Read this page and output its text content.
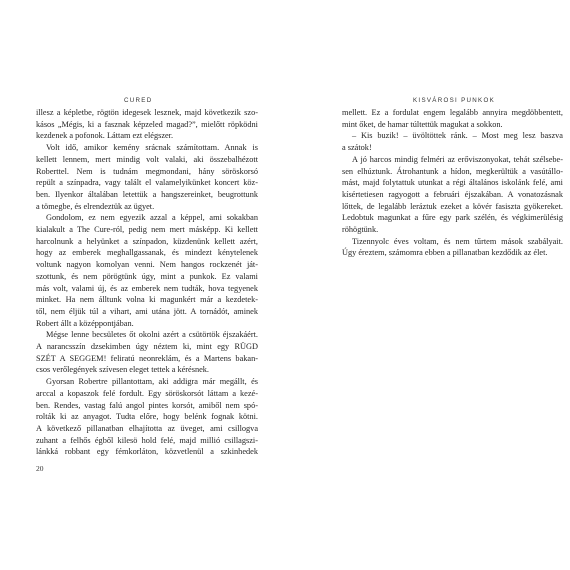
CURED
illesz a képletbe, rögtön idegesek lesznek, majd következik szo-
kásos „Mégis, ki a fasznak képzeled magad?”, mielőtt röpködni
kezdenek a pofonok. Láttam ezt elégszer.
Volt idő, amikor kemény srácnak számítottam. Annak is
kellett lennem, mert mindig volt valaki, aki összebalhézott
Roberttel. Nem is tudnám megmondani, hány söröskorsó
repült a színpadra, vagy talált el valamelyikünket koncert köz-
ben. Ilyenkor általában letettük a hangszereinket, beugrottunk
a tömegbe, és elrendeztük az ügyet.
Gondolom, ez nem egyezik azzal a képpel, ami sokakban
kialakult a The Cure-ról, pedig nem mert másképp. Ki kellett
harcolnunk a helyünket a színpadon, küzdenünk kellett azért,
hogy az emberek meghallgassanak, és mindezt kénytelenek
voltunk nagyon komolyan venni. Nem hangos rockzenét ját-
szottunk, és nem pörögtünk úgy, mint a punkok. Ez valami
más volt, valami új, és az emberek nem tudták, hova tegyenek
minket. Ha nem álltunk volna ki magunkért már a kezdetek-
től, nem éljük túl a vihart, ami utána jött. A tornádót, aminek
Robert állt a középpontjában.
Mégse lenne becsületes őt okolni azért a csütörtök éjszakáért.
A narancsszín dzsekimben úgy néztem ki, mint egy RÜGD
SZÉT A SEGGEM! feliratú neonreklám, és a Martens bakan-
csos verőlegények szívesen eleget tettek a kérésnek.
Gyorsan Robertre pillantottam, aki addigra már megállt, és
arccal a kopaszok felé fordult. Egy söröskorsót láttam a kezé-
ben. Rendes, vastag falú angol pintes korsót, amiből nem spó-
rolták ki az anyagot. Tudta előre, hogy belénk fognak kötni.
A következő pillanatban elhajította az üveget, ami csillogva
zuhant a felhős égből kilesö hold felé, majd millió csillagszi-
lánkká robbant egy fémkorláton, közvetlenül a szkinhedek
20
KISVÁROSI PUNKOK
mellett. Ez a fordulat engem legalább annyira megdöbbentett,
mint őket, de hamar túltettük magukat a sokkon.
– Kis buzik! – üvöltöttek ránk. – Most meg lesz baszva
a szátok!
A jó harcos mindig felméri az erőviszonyokat, tehát szélsebe-
sen elhúztunk. Átrohantunk a hídon, megkerültük a vasútállo-
mást, majd folytattuk utunkat a régi általános iskolánk felé, ami
kísértetiesen ragyogott a februári éjszakában. A vonatozásnak
lőttek, de legalább leráztuk ezeket a kövér fasiszta gyökereket.
Ledobtuk magunkat a fűre egy park szélén, és végkimerülésig
röhögtünk.
Tizennyolc éves voltam, és nem tűrtem mások szabályait.
Úgy éreztem, számomra ebben a pillanatban kezdődik az élet.
